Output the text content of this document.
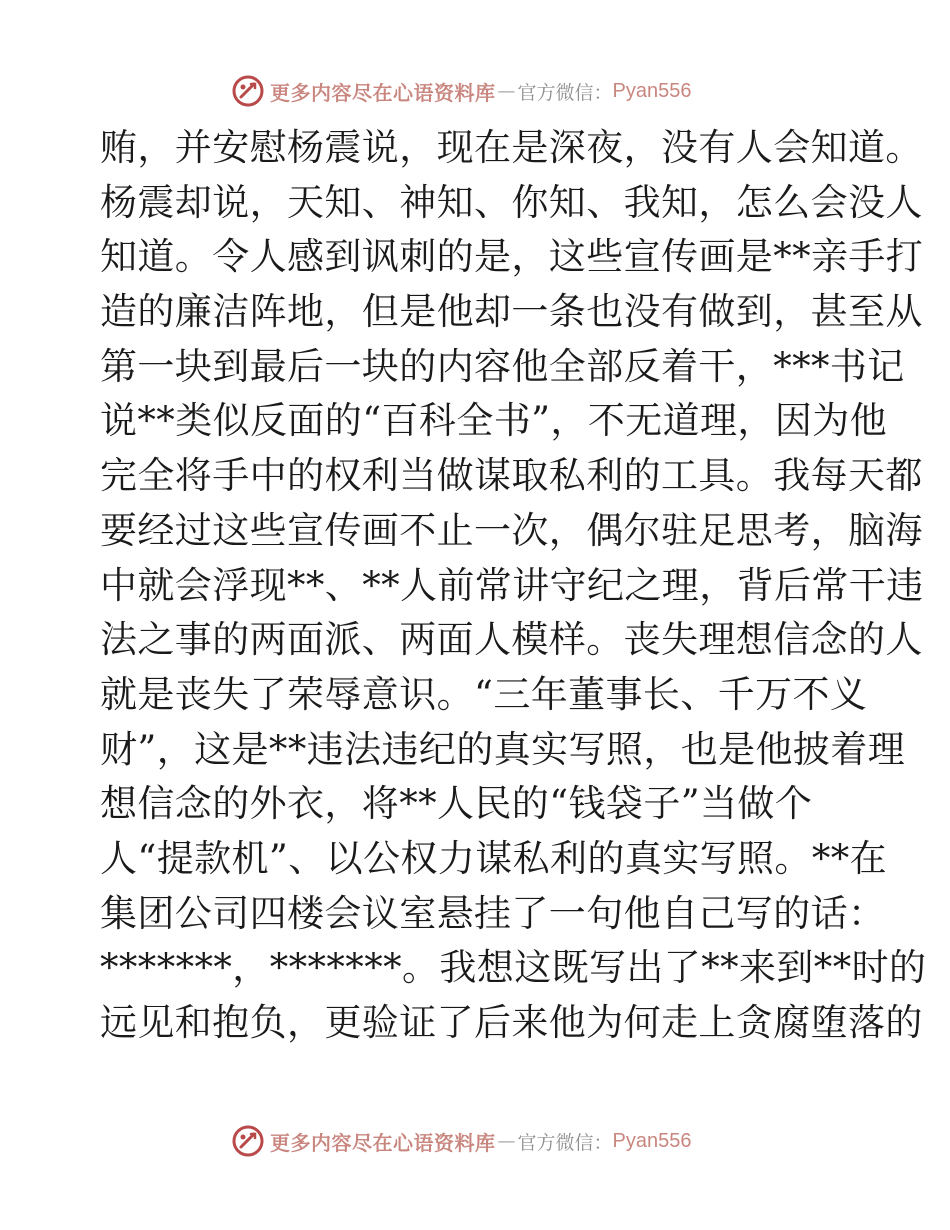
更多内容尽在心语资料库 — 官方微信： Pyan556
贿，并安慰杨震说，现在是深夜，没有人会知道。
杨震却说，天知、神知、你知、我知，怎么会没人
知道。令人感到讽刺的是，这些宣传画是**亲手打
造的廉洁阵地，但是他却一条也没有做到，甚至从
第一块到最后一块的内容他全部反着干，***书记
说**类似反面的“百科全书”，不无道理，因为他
完全将手中的权利当做谋取私利的工具。我每天都
要经过这些宣传画不止一次，偶尔驻足思考，脑海
中就会浮现**、**人前常讲守纪之理，背后常干违
法之事的两面派、两面人模样。丧失理想信念的人
就是丧失了荣辱意识。“三年董事长、千万不义
财”，这是**违法违纪的真实写照，也是他披着理
想信念的外衣，将**人民的“钱袋子”当做个
人“提款机”、以公权力谋私利的真实写照。**在
集团公司四楼会议室悬挂了一句他自己写的话：
*******，*******。我想这既写出了**来到**时的
远见和抱负，更验证了后来他为何走上贪腐堕落的
更多内容尽在心语资料库 — 官方微信： Pyan556
